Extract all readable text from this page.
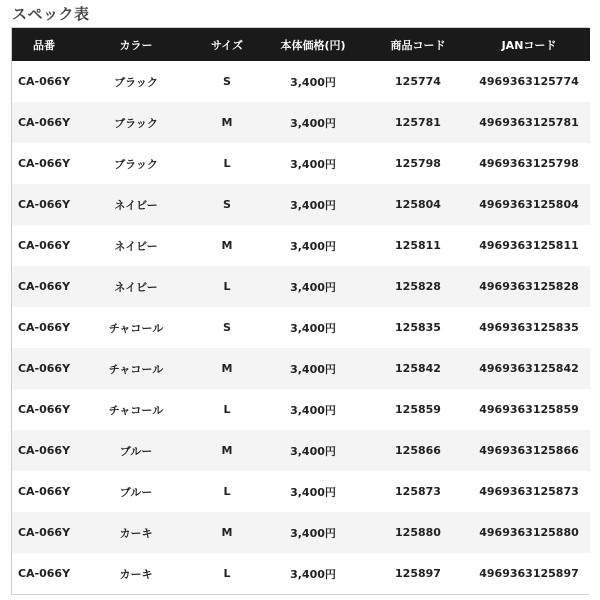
スペック表
品番	カラー	サイズ	本体価格(円)	商品コード	JANコード
CA-066Y	ブラック	S	3,400円	125774	4969363125774
CA-066Y	ブラック	M	3,400円	125781	4969363125781
CA-066Y	ブラック	L	3,400円	125798	4969363125798
CA-066Y	ネイビー	S	3,400円	125804	4969363125804
CA-066Y	ネイビー	M	3,400円	125811	4969363125811
CA-066Y	ネイビー	L	3,400円	125828	4969363125828
CA-066Y	チャコール	S	3,400円	125835	4969363125835
CA-066Y	チャコール	M	3,400円	125842	4969363125842
CA-066Y	チャコール	L	3,400円	125859	4969363125859
CA-066Y	ブルー	M	3,400円	125866	4969363125866
CA-066Y	ブルー	L	3,400円	125873	4969363125873
CA-066Y	カーキ	M	3,400円	125880	4969363125880
CA-066Y	カーキ	L	3,400円	125897	4969363125897
